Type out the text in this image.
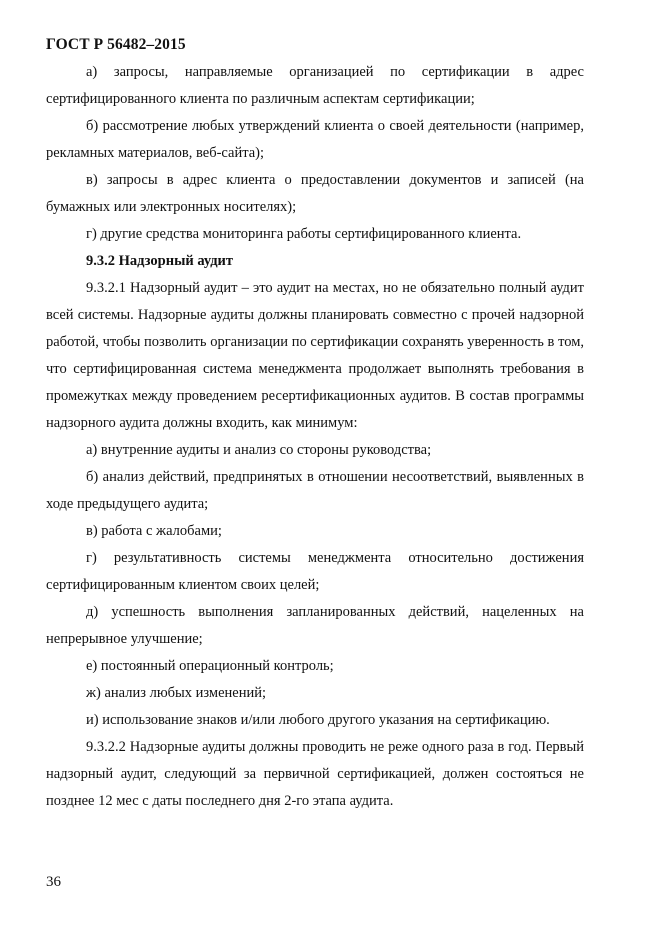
ГОСТ Р 56482–2015

а) запросы, направляемые организацией по сертификации в адрес сертифицированного клиента по различным аспектам сертификации;

б) рассмотрение любых утверждений клиента о своей деятельности (например, рекламных материалов, веб-сайта);

в) запросы в адрес клиента о предоставлении документов и записей (на бумажных или электронных носителях);

г) другие средства мониторинга работы сертифицированного клиента.

9.3.2 Надзорный аудит

9.3.2.1 Надзорный аудит – это аудит на местах, но не обязательно полный аудит всей системы. Надзорные аудиты должны планировать совместно с прочей надзорной работой, чтобы позволить организации по сертификации сохранять уверенность в том, что сертифицированная система менеджмента продолжает выполнять требования в промежутках между проведением ресертификационных аудитов. В состав программы надзорного аудита должны входить, как минимум:

а) внутренние аудиты и анализ со стороны руководства;

б) анализ действий, предпринятых в отношении несоответствий, выявленных в ходе предыдущего аудита;

в) работа с жалобами;

г) результативность системы менеджмента относительно достижения сертифицированным клиентом своих целей;

д) успешность выполнения запланированных действий, нацеленных на непрерывное улучшение;

е) постоянный операционный контроль;

ж) анализ любых изменений;

и) использование знаков и/или любого другого указания на сертификацию.

9.3.2.2 Надзорные аудиты должны проводить не реже одного раза в год. Первый надзорный аудит, следующий за первичной сертификацией, должен состояться не позднее 12 мес с даты последнего дня 2-го этапа аудита.

36
